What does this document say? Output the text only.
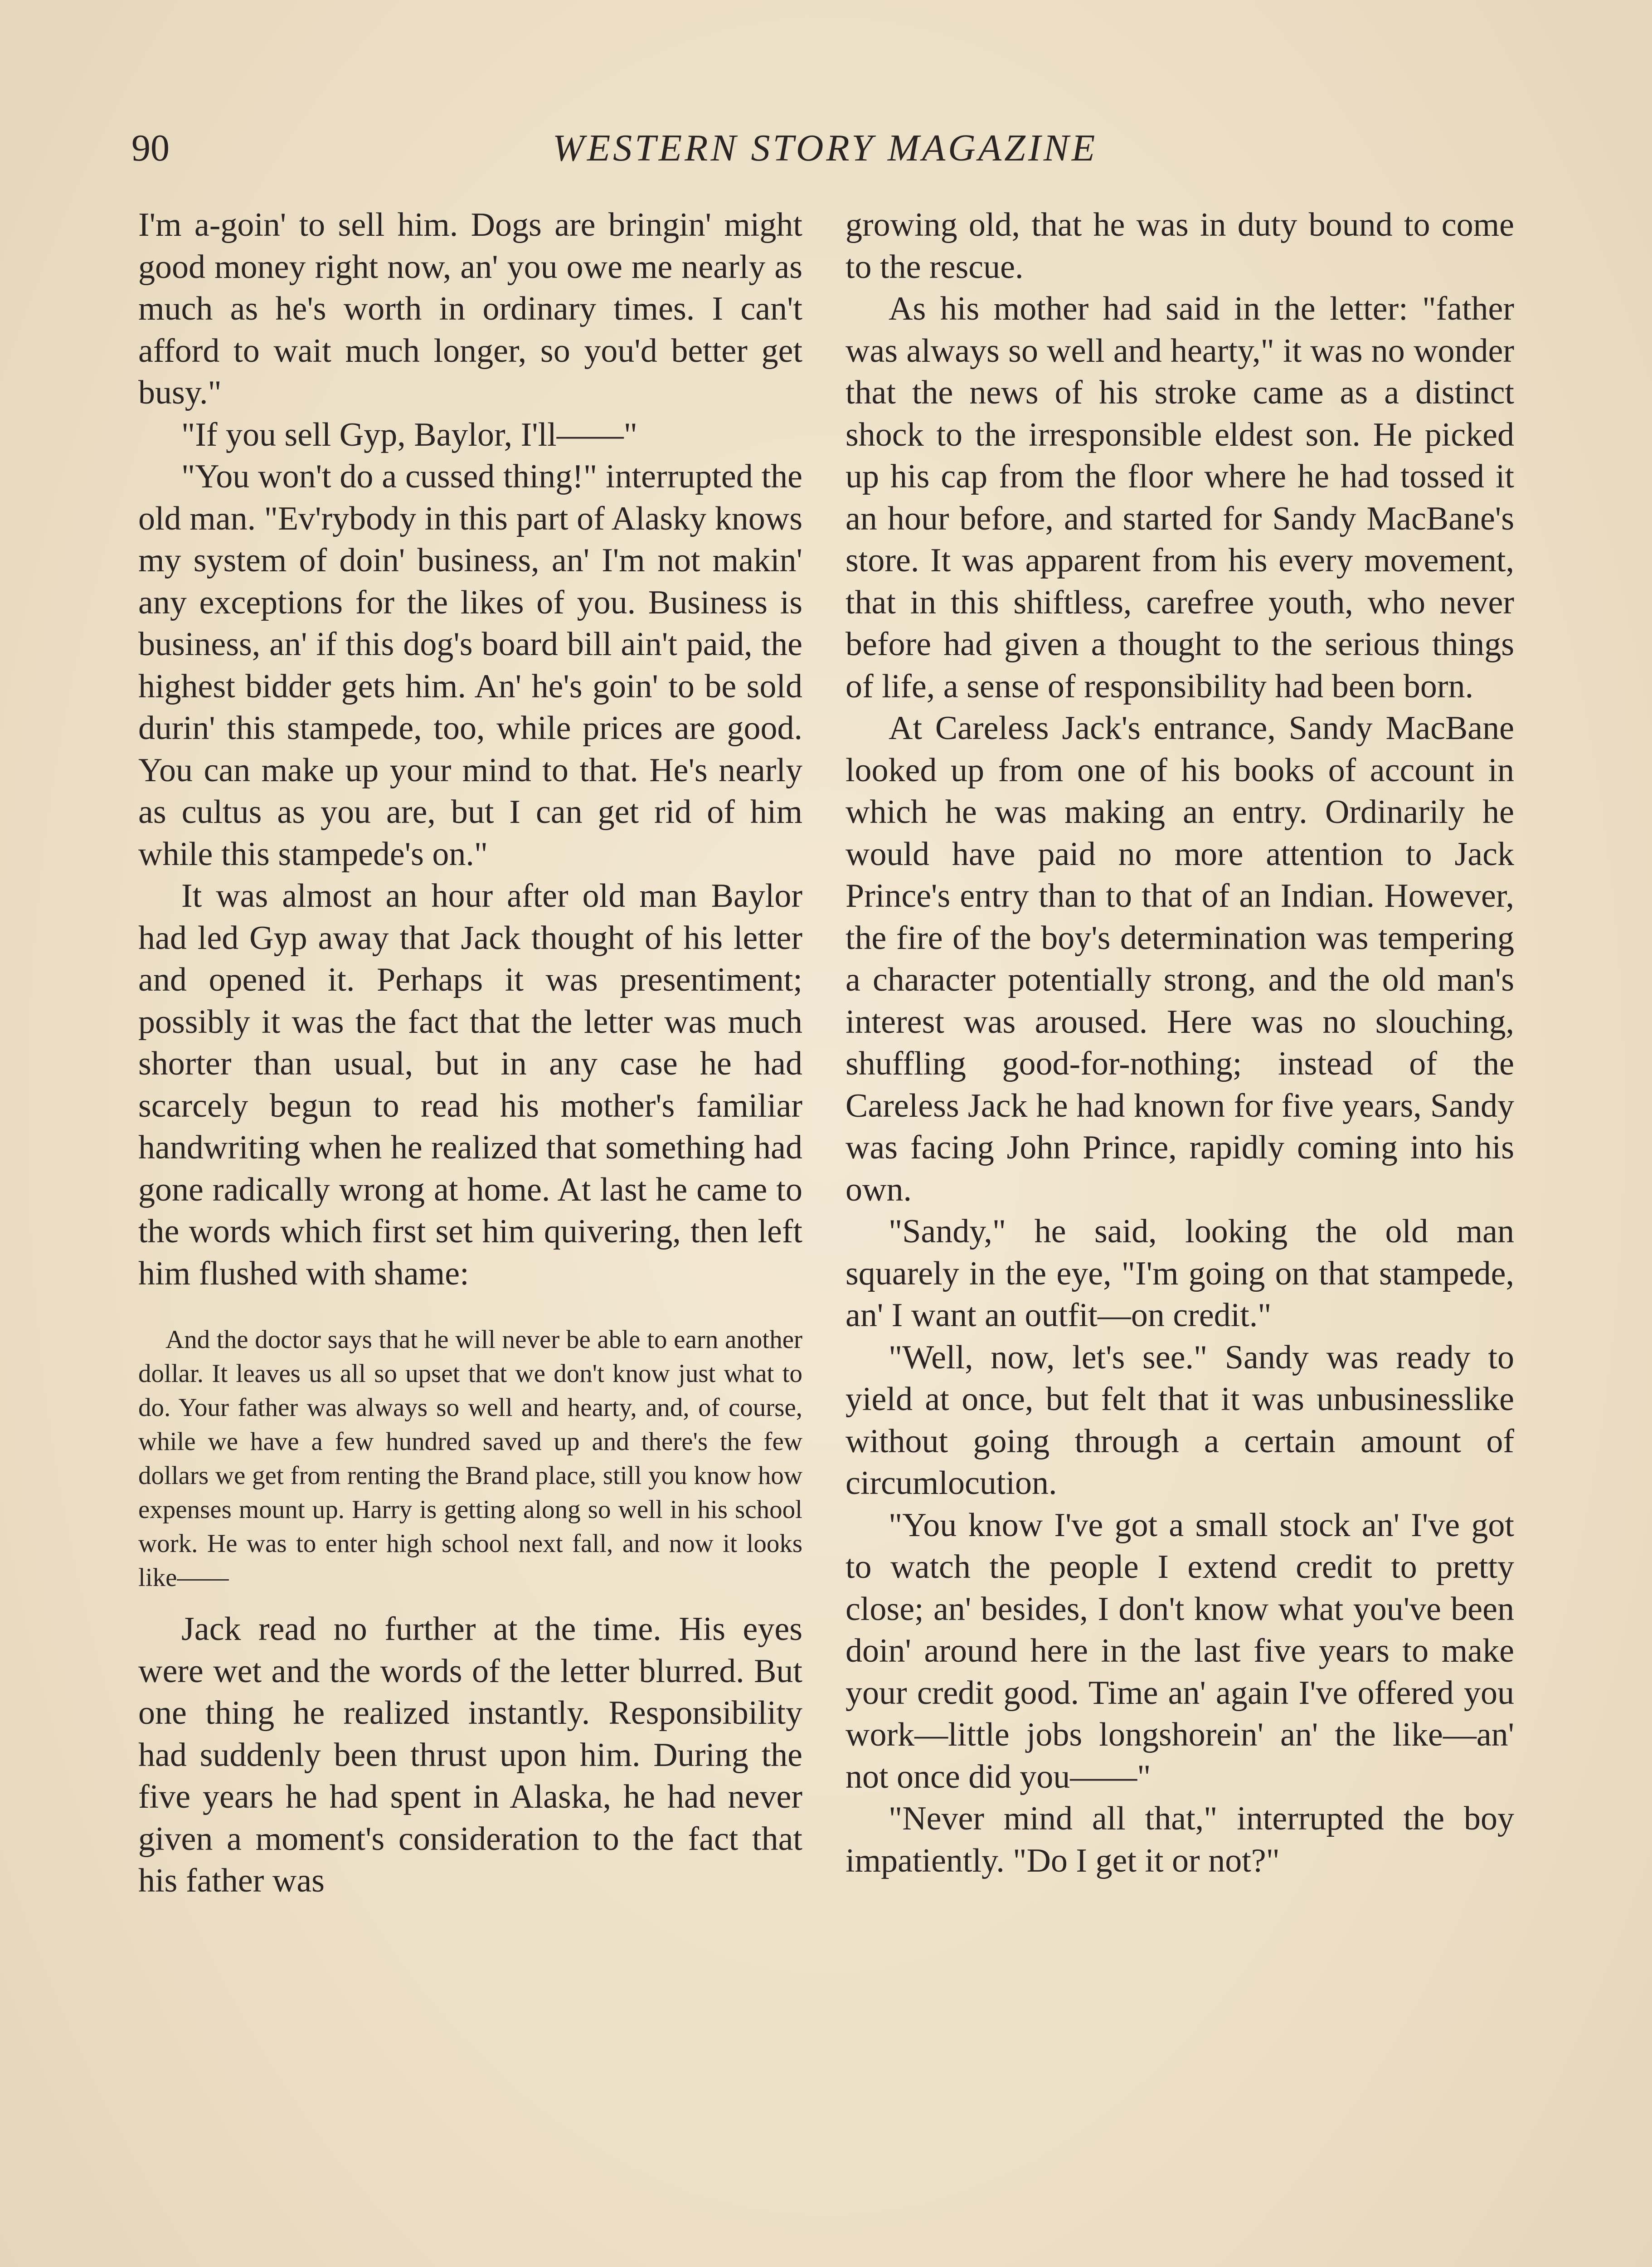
90	WESTERN STORY MAGAZINE

I'm a-goin' to sell him. Dogs are bringin' might good money right now, an' you owe me nearly as much as he's worth in ordinary times. I can't afford to wait much longer, so you'd better get busy."

"If you sell Gyp, Baylor, I'll——"

"You won't do a cussed thing!" interrupted the old man. "Ev'rybody in this part of Alasky knows my system of doin' business, an' I'm not makin' any exceptions for the likes of you. Business is business, an' if this dog's board bill ain't paid, the highest bidder gets him. An' he's goin' to be sold durin' this stampede, too, while prices are good. You can make up your mind to that. He's nearly as cultus as you are, but I can get rid of him while this stampede's on."

It was almost an hour after old man Baylor had led Gyp away that Jack thought of his letter and opened it. Perhaps it was presentiment; possibly it was the fact that the letter was much shorter than usual, but in any case he had scarcely begun to read his mother's familiar handwriting when he realized that something had gone radically wrong at home. At last he came to the words which first set him quivering, then left him flushed with shame:

And the doctor says that he will never be able to earn another dollar. It leaves us all so upset that we don't know just what to do. Your father was always so well and hearty, and, of course, while we have a few hundred saved up and there's the few dollars we get from renting the Brand place, still you know how expenses mount up. Harry is getting along so well in his school work. He was to enter high school next fall, and now it looks like——

Jack read no further at the time. His eyes were wet and the words of the letter blurred. But one thing he realized instantly. Responsibility had suddenly been thrust upon him. During the five years he had spent in Alaska, he had never given a moment's consideration to the fact that his father was

growing old, that he was in duty bound to come to the rescue.

As his mother had said in the letter: "father was always so well and hearty," it was no wonder that the news of his stroke came as a distinct shock to the irresponsible eldest son. He picked up his cap from the floor where he had tossed it an hour before, and started for Sandy MacBane's store. It was apparent from his every movement, that in this shiftless, carefree youth, who never before had given a thought to the serious things of life, a sense of responsibility had been born.

At Careless Jack's entrance, Sandy MacBane looked up from one of his books of account in which he was making an entry. Ordinarily he would have paid no more attention to Jack Prince's entry than to that of an Indian. However, the fire of the boy's determination was tempering a character potentially strong, and the old man's interest was aroused. Here was no slouching, shuffling good-for-nothing; instead of the Careless Jack he had known for five years, Sandy was facing John Prince, rapidly coming into his own.

"Sandy," he said, looking the old man squarely in the eye, "I'm going on that stampede, an' I want an outfit—on credit."

"Well, now, let's see." Sandy was ready to yield at once, but felt that it was unbusinesslike without going through a certain amount of circumlocution.

"You know I've got a small stock an' I've got to watch the people I extend credit to pretty close; an' besides, I don't know what you've been doin' around here in the last five years to make your credit good. Time an' again I've offered you work—little jobs longshorein' an' the like—an' not once did you——"

"Never mind all that," interrupted the boy impatiently. "Do I get it or not?"
